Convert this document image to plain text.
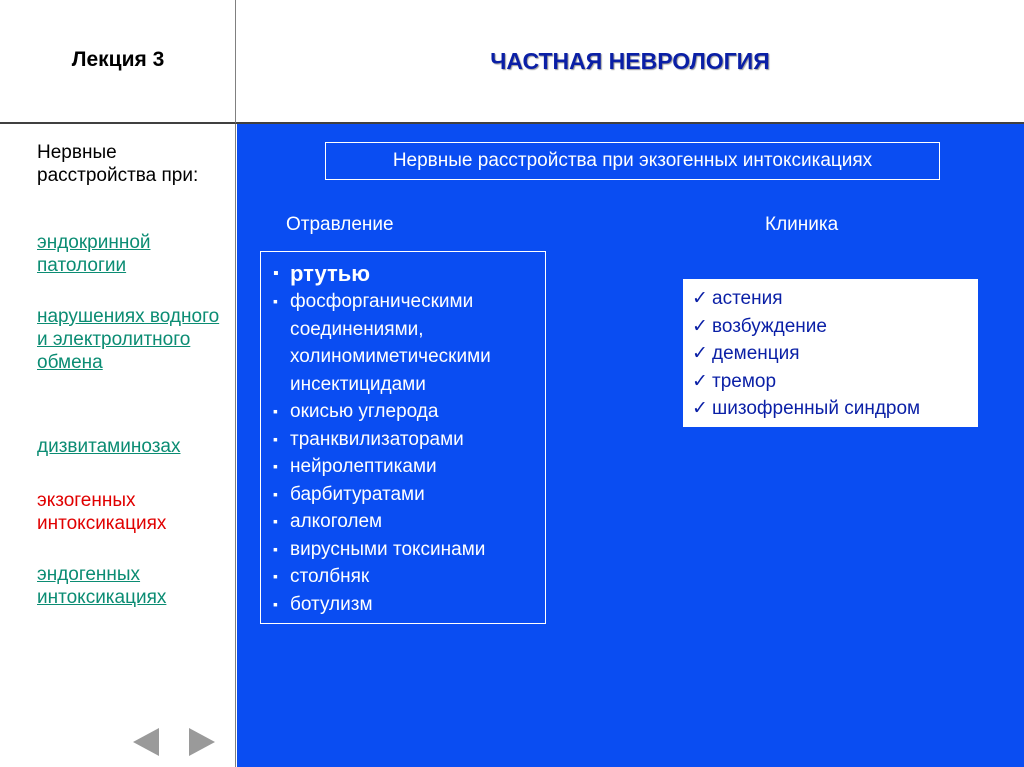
Лекция 3	ЧАСТНАЯ НЕВРОЛОГИЯ
Нервные расстройства при:
эндокринной патологии
нарушениях водного и электролитного обмена
дизвитаминозах
экзогенных интоксикациях
эндогенных интоксикациях
Нервные расстройства при экзогенных интоксикациях
Отравление	Клиника
▪ ртутью
▪ фосфорганическими соединениями, холиномиметическими инсектицидами
▪ окисью углерода
▪ транквилизаторами
▪ нейролептиками
▪ барбитуратами
▪ алкоголем
▪ вирусными токсинами
▪ столбняк
▪ ботулизм
✓ астения
✓ возбуждение
✓ деменция
✓ тремор
✓ шизофренный синдром
